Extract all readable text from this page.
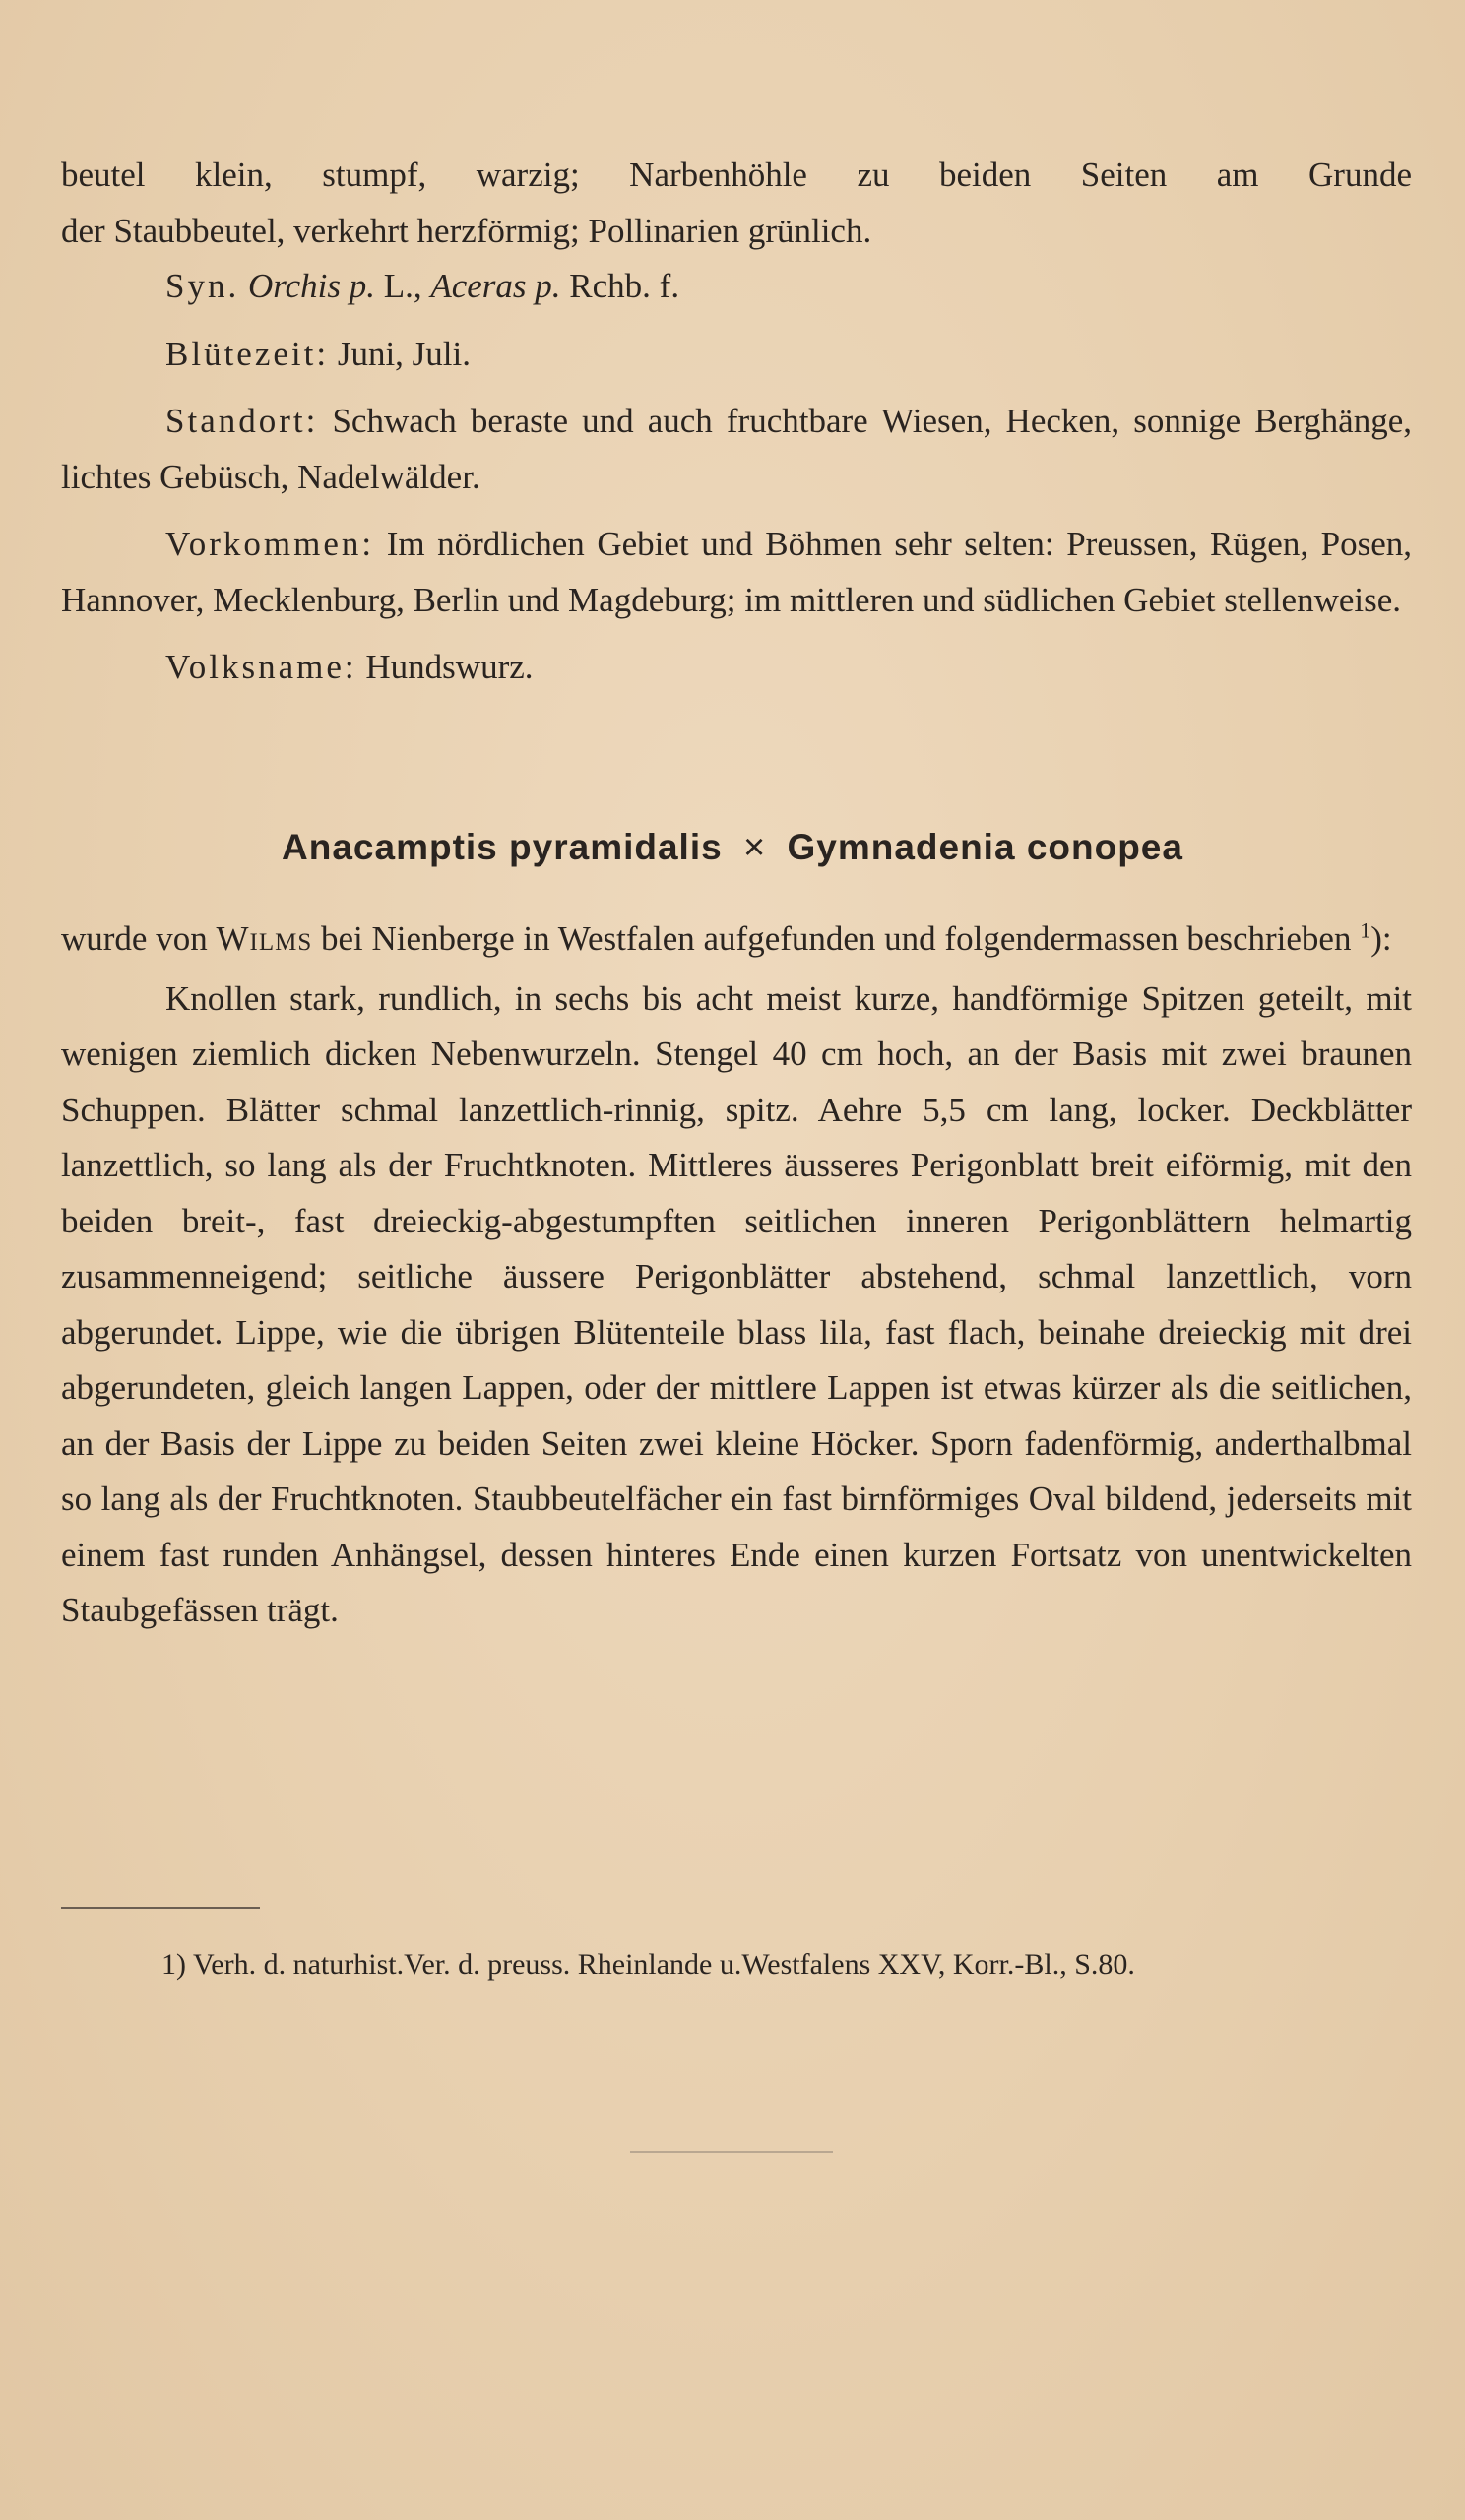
beutel klein, stumpf, warzig; Narbenhöhle zu beiden Seiten am Grunde

der Staubbeutel, verkehrt herzförmig; Pollinarien grünlich.

Syn. Orchis p. L., Aceras p. Rchb. f.

Blütezeit: Juni, Juli.

Standort: Schwach beraste und auch fruchtbare Wiesen, Hecken, sonnige Berghänge, lichtes Gebüsch, Nadelwälder.

Vorkommen: Im nördlichen Gebiet und Böhmen sehr selten: Preussen, Rügen, Posen, Hannover, Mecklenburg, Berlin und Magdeburg; im mittleren und südlichen Gebiet stellenweise.

Volksname: Hundswurz.

Anacamptis pyramidalis × Gymnadenia conopea

wurde von Wilms bei Nienberge in Westfalen aufgefunden und folgendermassen beschrieben $^1$):

Knollen stark, rundlich, in sechs bis acht meist kurze, handförmige Spitzen geteilt, mit wenigen ziemlich dicken Nebenwurzeln. Stengel 40 cm hoch, an der Basis mit zwei braunen Schuppen. Blätter schmal lanzettlich-rinnig, spitz. Aehre 5,5 cm lang, locker. Deckblätter lanzettlich, so lang als der Fruchtknoten. Mittleres äusseres Perigonblatt breit eiförmig, mit den beiden breit-, fast dreieckig-abgestumpften seitlichen inneren Perigonblättern helmartig zusammenneigend; seitliche äussere Perigonblätter abstehend, schmal lanzettlich, vorn abgerundet. Lippe, wie die übrigen Blütenteile blass lila, fast flach, beinahe dreieckig mit drei abgerundeten, gleich langen Lappen, oder der mittlere Lappen ist etwas kürzer als die seitlichen, an der Basis der Lippe zu beiden Seiten zwei kleine Höcker. Sporn fadenförmig, anderthalbmal so lang als der Fruchtknoten. Staubbeutelfächer ein fast birnförmiges Oval bildend, jederseits mit einem fast runden Anhängsel, dessen hinteres Ende einen kurzen Fortsatz von unentwickelten Staubgefässen trägt.

1) Verh. d. naturhist.Ver. d. preuss. Rheinlande u.Westfalens XXV, Korr.-Bl., S.80.
